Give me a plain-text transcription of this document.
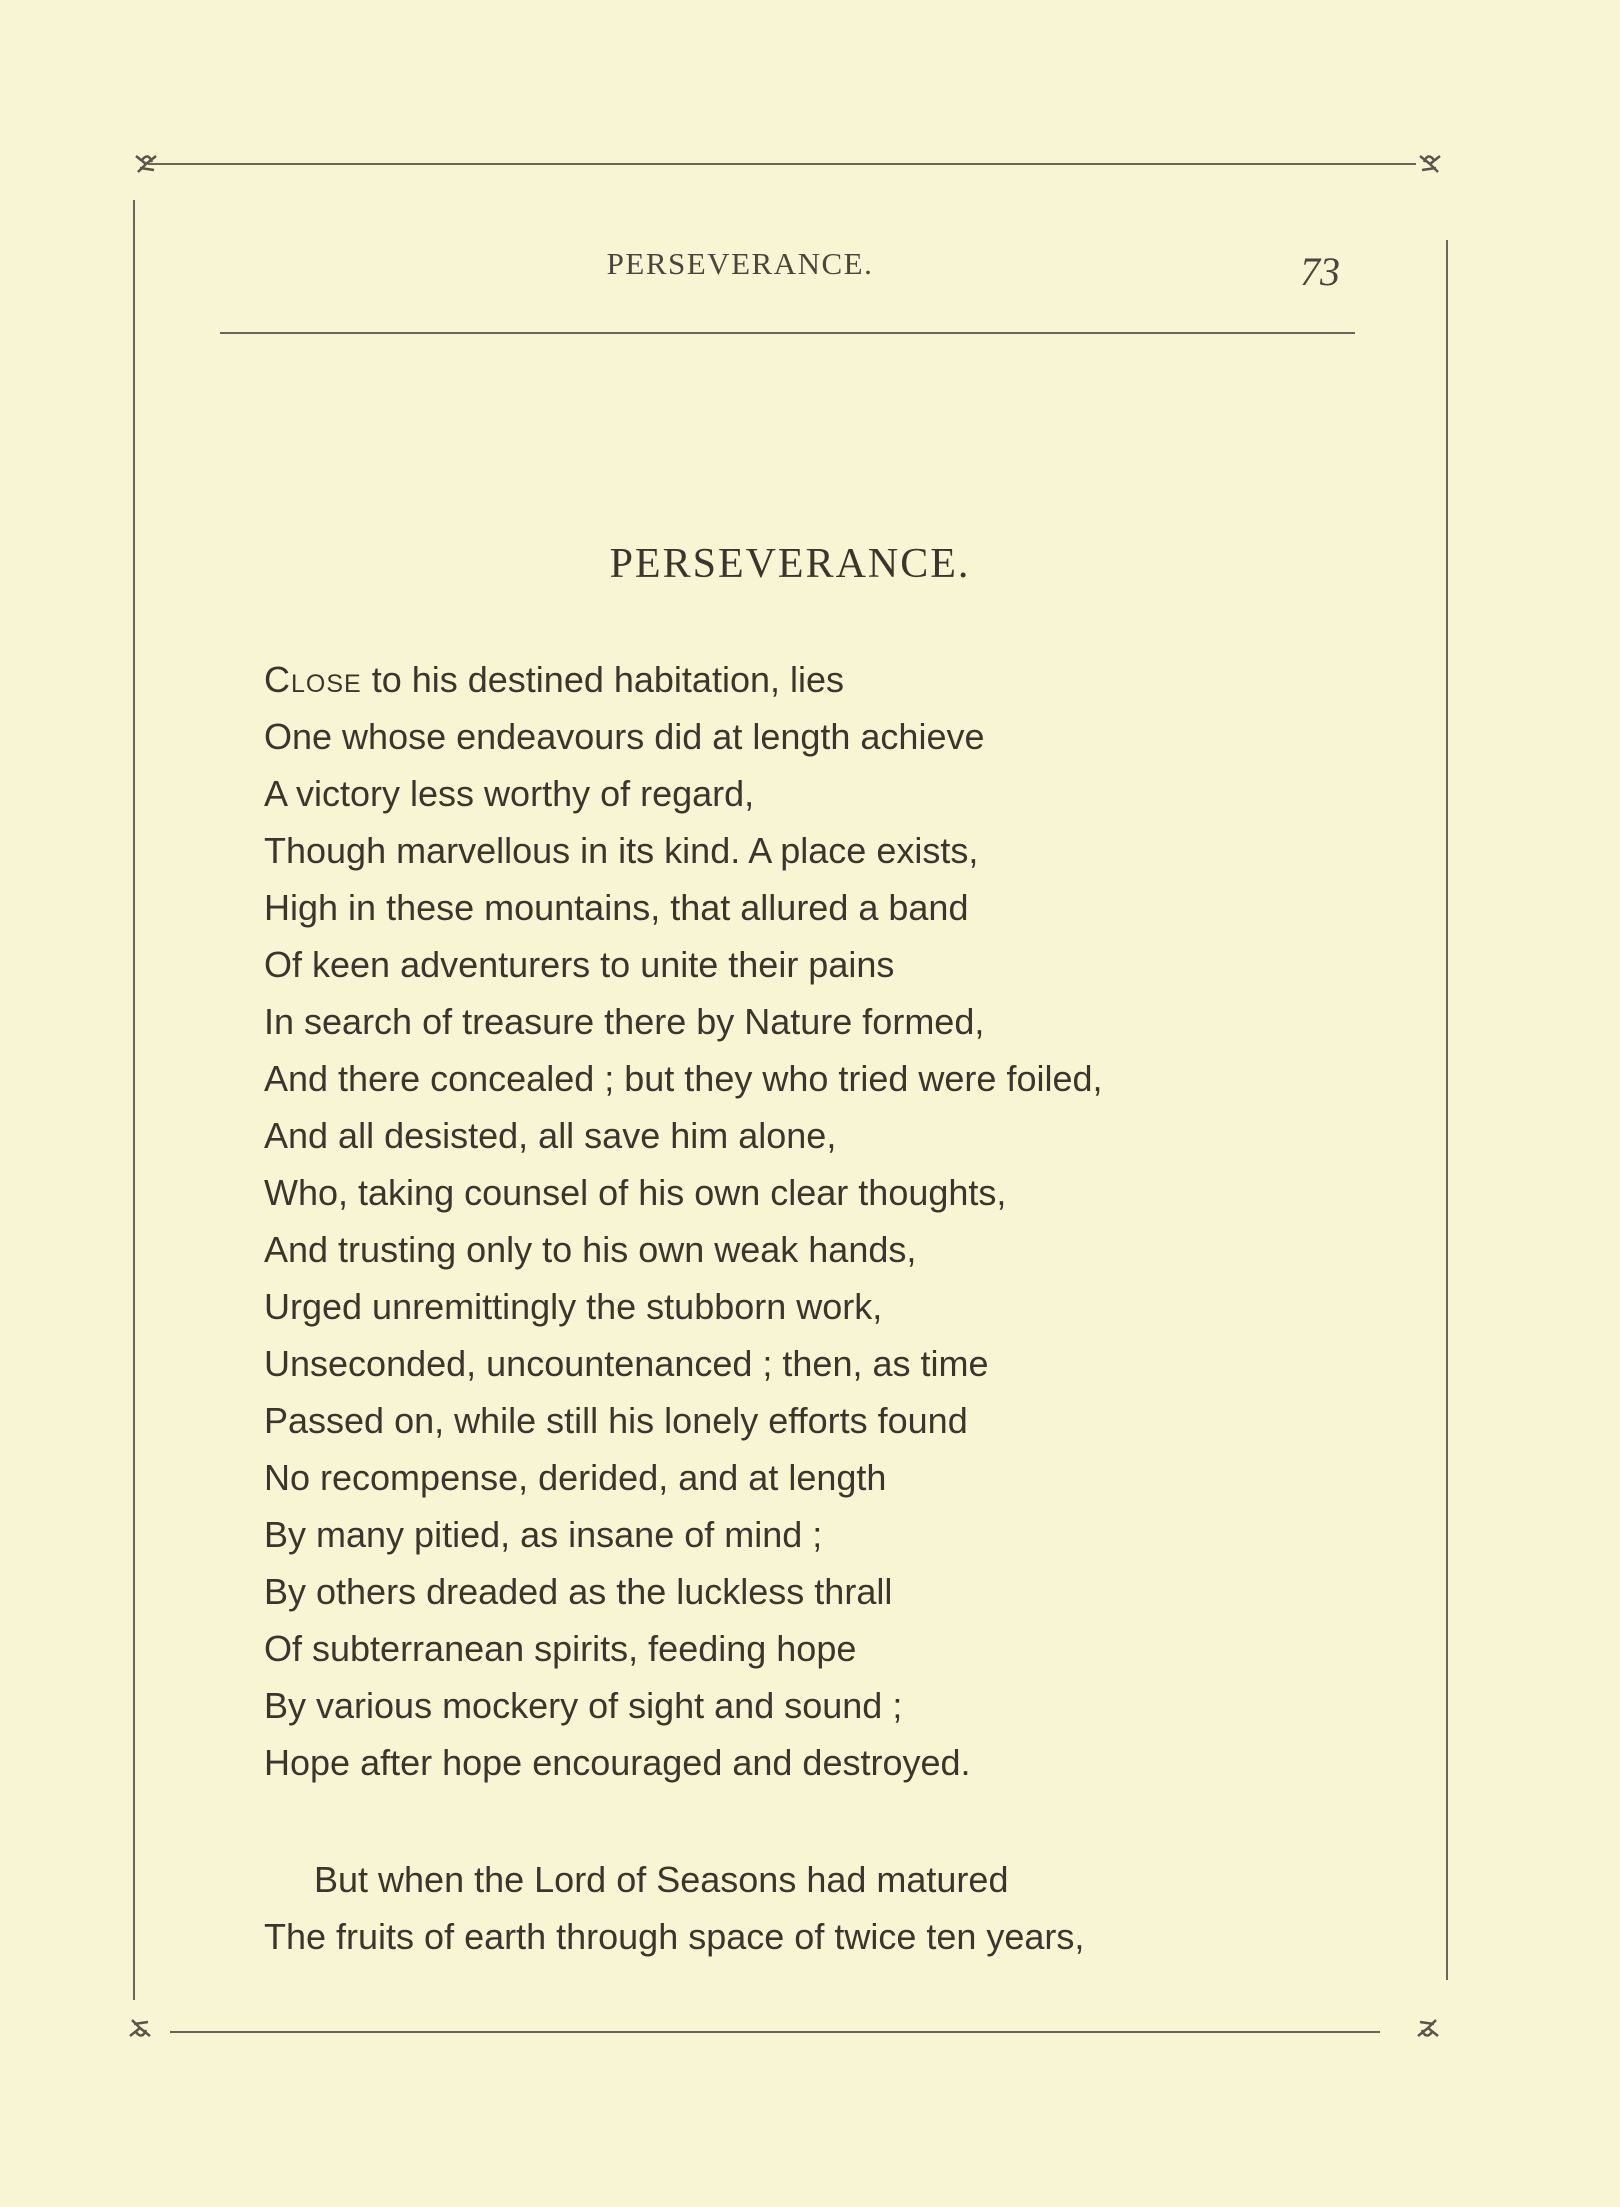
PERSEVERANCE.	73
PERSEVERANCE.
Close to his destined habitation, lies
One whose endeavours did at length achieve
A victory less worthy of regard,
Though marvellous in its kind. A place exists,
High in these mountains, that allured a band
Of keen adventurers to unite their pains
In search of treasure there by Nature formed,
And there concealed ; but they who tried were foiled,
And all desisted, all save him alone,
Who, taking counsel of his own clear thoughts,
And trusting only to his own weak hands,
Urged unremittingly the stubborn work,
Unseconded, uncountenanced ; then, as time
Passed on, while still his lonely efforts found
No recompense, derided, and at length
By many pitied, as insane of mind ;
By others dreaded as the luckless thrall
Of subterranean spirits, feeding hope
By various mockery of sight and sound ;
Hope after hope encouraged and destroyed.
But when the Lord of Seasons had matured
The fruits of earth through space of twice ten years,
